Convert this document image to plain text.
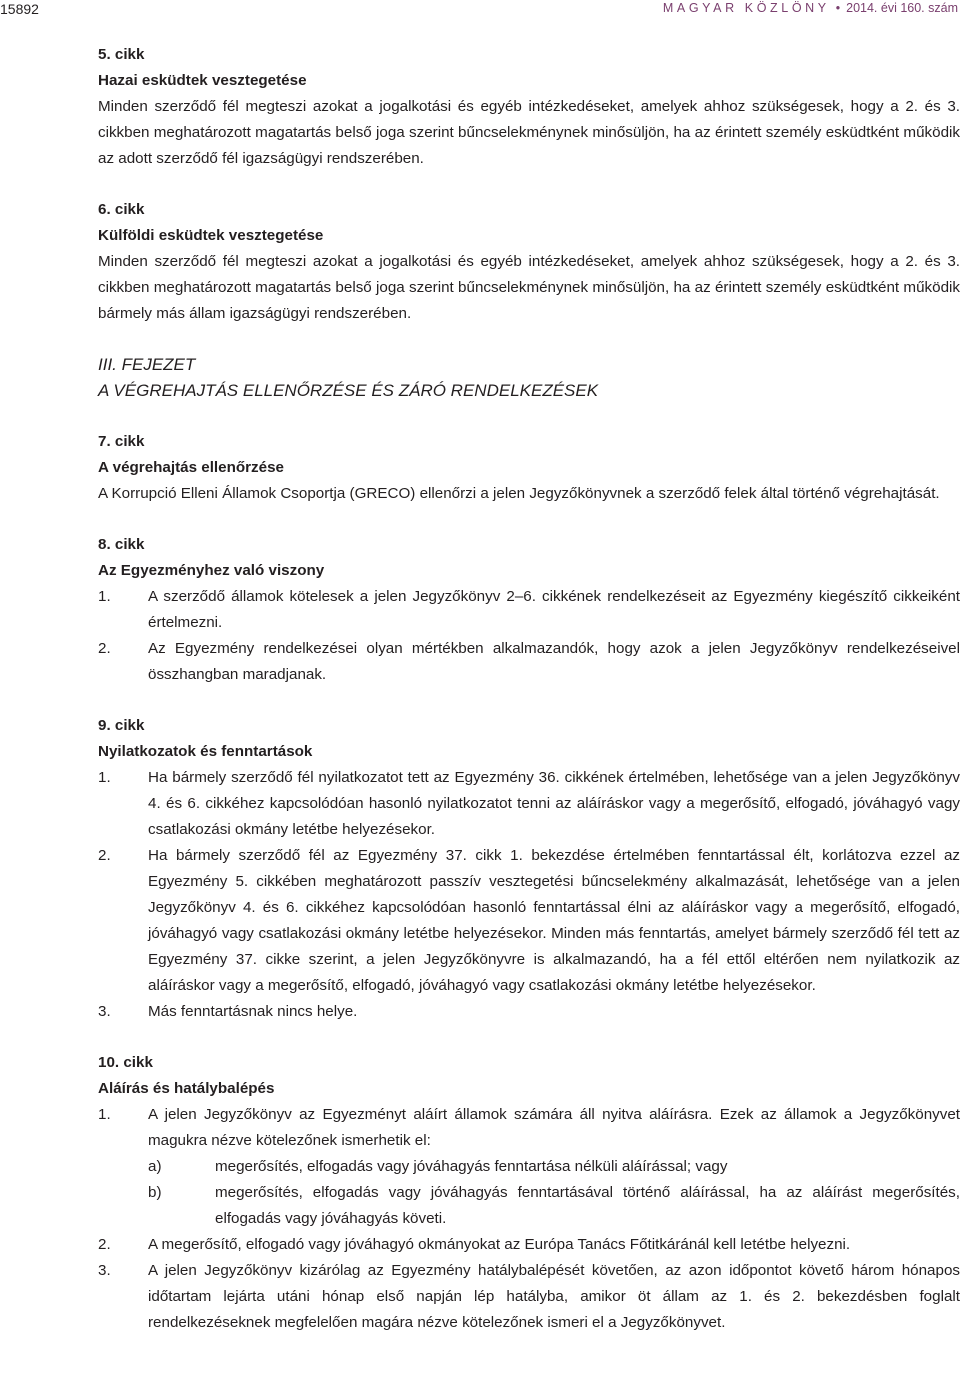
15892	MAGYAR KÖZLÖNY • 2014. évi 160. szám

5. cikk

Hazai esküdtek vesztegetése

Minden szerződő fél megteszi azokat a jogalkotási és egyéb intézkedéseket, amelyek ahhoz szükségesek, hogy a 2. és 3. cikkben meghatározott magatartás belső joga szerint bűncselekménynek minősüljön, ha az érintett személy esküdtként működik az adott szerződő fél igazságügyi rendszerében.

6. cikk

Külföldi esküdtek vesztegetése

Minden szerződő fél megteszi azokat a jogalkotási és egyéb intézkedéseket, amelyek ahhoz szükségesek, hogy a 2. és 3. cikkben meghatározott magatartás belső joga szerint bűncselekménynek minősüljön, ha az érintett személy esküdtként működik bármely más állam igazságügyi rendszerében.

III. FEJEZET

A VÉGREHAJTÁS ELLENŐRZÉSE ÉS ZÁRÓ RENDELKEZÉSEK

7. cikk

A végrehajtás ellenőrzése

A Korrupció Elleni Államok Csoportja (GRECO) ellenőrzi a jelen Jegyzőkönyvnek a szerződő felek által történő végrehajtását.

8. cikk

Az Egyezményhez való viszony

1.	A szerződő államok kötelesek a jelen Jegyzőkönyv 2–6. cikkének rendelkezéseit az Egyezmény kiegészítő cikkeiként értelmezni.
2.	Az Egyezmény rendelkezései olyan mértékben alkalmazandók, hogy azok a jelen Jegyzőkönyv rendelkezéseivel összhangban maradjanak.

9. cikk

Nyilatkozatok és fenntartások

1.	Ha bármely szerződő fél nyilatkozatot tett az Egyezmény 36. cikkének értelmében, lehetősége van a jelen Jegyzőkönyv 4. és 6. cikkéhez kapcsolódóan hasonló nyilatkozatot tenni az aláíráskor vagy a megerősítő, elfogadó, jóváhagyó vagy csatlakozási okmány letétbe helyezésekor.
2.	Ha bármely szerződő fél az Egyezmény 37. cikk 1. bekezdése értelmében fenntartással élt, korlátozva ezzel az Egyezmény 5. cikkében meghatározott passzív vesztegetési bűncselekmény alkalmazását, lehetősége van a jelen Jegyzőkönyv 4. és 6. cikkéhez kapcsolódóan hasonló fenntartással élni az aláíráskor vagy a megerősítő, elfogadó, jóváhagyó vagy csatlakozási okmány letétbe helyezésekor. Minden más fenntartás, amelyet bármely szerződő fél tett az Egyezmény 37. cikke szerint, a jelen Jegyzőkönyvre is alkalmazandó, ha a fél ettől eltérően nem nyilatkozik az aláíráskor vagy a megerősítő, elfogadó, jóváhagyó vagy csatlakozási okmány letétbe helyezésekor.
3.	Más fenntartásnak nincs helye.

10. cikk

Aláírás és hatálybalépés

1.	A jelen Jegyzőkönyv az Egyezményt aláírt államok számára áll nyitva aláírásra. Ezek az államok a Jegyzőkönyvet magukra nézve kötelezőnek ismerhetik el:
a)	megerősítés, elfogadás vagy jóváhagyás fenntartása nélküli aláírással; vagy
b)	megerősítés, elfogadás vagy jóváhagyás fenntartásával történő aláírással, ha az aláírást megerősítés, elfogadás vagy jóváhagyás követi.
2.	A megerősítő, elfogadó vagy jóváhagyó okmányokat az Európa Tanács Főtitkáránál kell letétbe helyezni.
3.	A jelen Jegyzőkönyv kizárólag az Egyezmény hatálybalépését követően, az azon időpontot követő három hónapos időtartam lejárta utáni hónap első napján lép hatályba, amikor öt állam az 1. és 2. bekezdésben foglalt rendelkezéseknek megfelelően magára nézve kötelezőnek ismeri el a Jegyzőkönyvet.
